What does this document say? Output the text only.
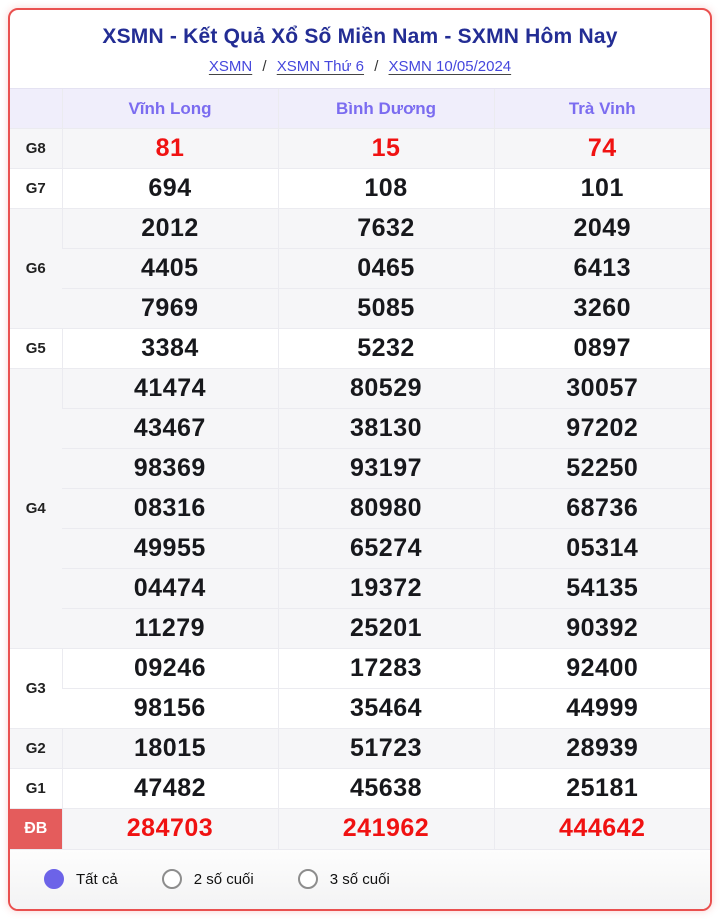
XSMN - Kết Quả Xổ Số Miền Nam - SXMN Hôm Nay
XSMN / XSMN Thứ 6 / XSMN 10/05/2024
	Vĩnh Long	Bình Dương	Trà Vinh
G8	81	15	74
G7	694	108	101
G6	2012	7632	2049
	4405	0465	6413
	7969	5085	3260
G5	3384	5232	0897
G4	41474	80529	30057
	43467	38130	97202
	98369	93197	52250
	08316	80980	68736
	49955	65274	05314
	04474	19372	54135
	11279	25201	90392
G3	09246	17283	92400
	98156	35464	44999
G2	18015	51723	28939
G1	47482	45638	25181
ĐB	284703	241962	444642
Tất cả	2 số cuối	3 số cuối
